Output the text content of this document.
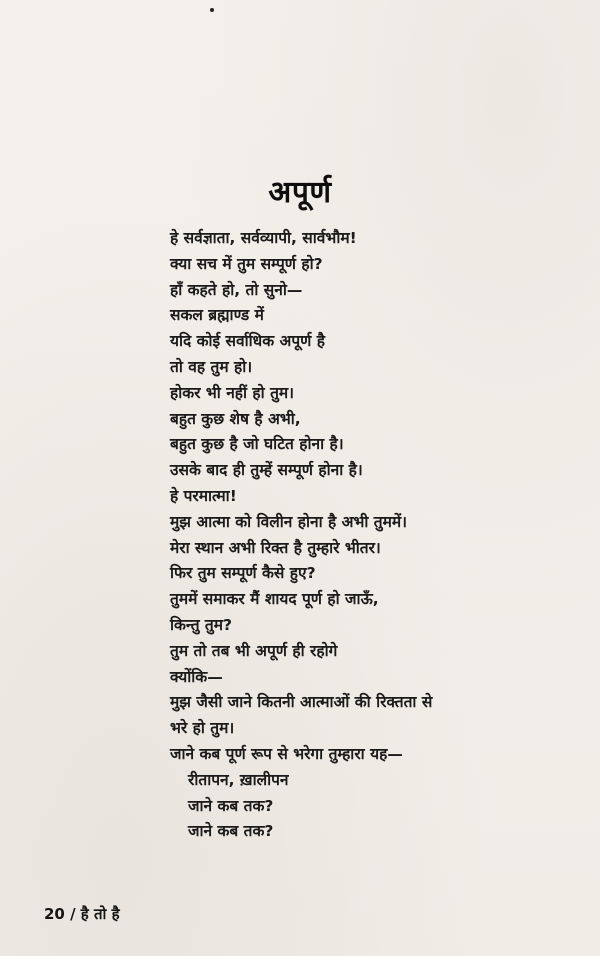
अपूर्ण
हे सर्वज्ञाता, सर्वव्यापी, सार्वभौम!
क्या सच में तुम सम्पूर्ण हो?
हाँ कहते हो, तो सुनो—
सकल ब्रह्माण्ड में
यदि कोई सर्वाधिक अपूर्ण है
तो वह तुम हो।
होकर भी नहीं हो तुम।
बहुत कुछ शेष है अभी,
बहुत कुछ है जो घटित होना है।
उसके बाद ही तुम्हें सम्पूर्ण होना है।
हे परमात्मा!
मुझ आत्मा को विलीन होना है अभी तुममें।
मेरा स्थान अभी रिक्त है तुम्हारे भीतर।
फिर तुम सम्पूर्ण कैसे हुए?
तुममें समाकर मैं शायद पूर्ण हो जाऊँ,
किन्तु तुम?
तुम तो तब भी अपूर्ण ही रहोगे
क्योंकि—
मुझ जैसी जाने कितनी आत्माओं की रिक्तता से
भरे हो तुम।
जाने कब पूर्ण रूप से भरेगा तुम्हारा यह—
रीतापन, ख़ालीपन
जाने कब तक?
जाने कब तक?
20 / है तो है
